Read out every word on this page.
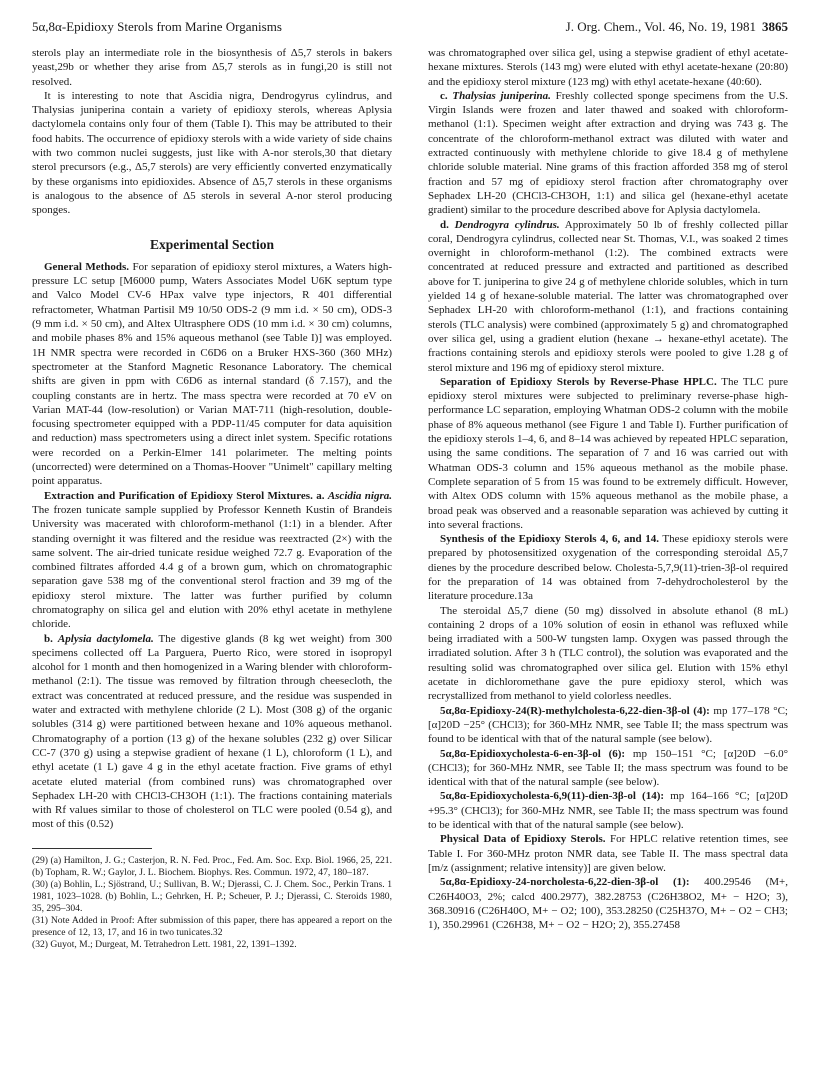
5α,8α-Epidioxy Sterols from Marine Organisms	J. Org. Chem., Vol. 46, No. 19, 1981 3865

sterols play an intermediate role in the biosynthesis of Δ5,7 sterols in bakers yeast,29b or whether they arise from Δ5,7 sterols as in fungi,20 is still not resolved.

It is interesting to note that Ascidia nigra, Dendrogyrus cylindrus, and Thalysias juniperina contain a variety of epidioxy sterols, whereas Aplysia dactylomela contains only four of them (Table I). This may be attributed to their food habits. The occurrence of epidioxy sterols with a wide variety of side chains with two common nuclei suggests, just like with A-nor sterols,30 that dietary sterol precursors (e.g., Δ5,7 sterols) are very efficiently converted enzymatically by these organisms into epidioxides. Absence of Δ5,7 sterols in these organisms is analogous to the absence of Δ5 sterols in several A-nor sterol producing sponges.

Experimental Section

General Methods. For separation of epidioxy sterol mixtures, a Waters high-pressure LC setup [M6000 pump, Waters Associates Model U6K septum type and Valco Model CV-6 HPax valve type injectors, R 401 differential refractometer, Whatman Partisil M9 10/50 ODS-2 (9 mm i.d. × 50 cm), ODS-3 (9 mm i.d. × 50 cm), and Altex Ultrasphere ODS (10 mm i.d. × 30 cm) columns, and mobile phases 8% and 15% aqueous methanol (see Table I)] was employed. 1H NMR spectra were recorded in C6D6 on a Bruker HXS-360 (360 MHz) spectrometer at the Stanford Magnetic Resonance Laboratory. The chemical shifts are given in ppm with C6D6 as internal standard (δ 7.157), and the coupling constants are in hertz. The mass spectra were recorded at 70 eV on Varian MAT-44 (low-resolution) or Varian MAT-711 (high-resolution, double-focusing spectrometer equipped with a PDP-11/45 computer for data aquisition and reduction) mass spectrometers using a direct inlet system. Specific rotations were recorded on a Perkin-Elmer 141 polarimeter. The melting points (uncorrected) were determined on a Thomas-Hoover "Unimelt" capillary melting point apparatus.

Extraction and Purification of Epidioxy Sterol Mixtures. a. Ascidia nigra. The frozen tunicate sample supplied by Professor Kenneth Kustin of Brandeis University was macerated with chloroform-methanol (1:1) in a blender. After standing overnight it was filtered and the residue was reextracted (2×) with the same solvent. The air-dried tunicate residue weighed 72.7 g. Evaporation of the combined filtrates afforded 4.4 g of a brown gum, which on chromatographic separation gave 538 mg of the conventional sterol fraction and 39 mg of the epidioxy sterol mixture. The latter was further purified by column chromatography on silica gel and elution with 20% ethyl acetate in methylene chloride.

b. Aplysia dactylomela. The digestive glands (8 kg wet weight) from 300 specimens collected off La Parguera, Puerto Rico, were stored in isopropyl alcohol for 1 month and then homogenized in a Waring blender with chloroform-methanol (2:1). The tissue was removed by filtration through cheesecloth, the extract was concentrated at reduced pressure, and the residue was suspended in water and extracted with methylene chloride (2 L). Most (308 g) of the organic solubles (314 g) were partitioned between hexane and 10% aqueous methanol. Chromatography of a portion (13 g) of the hexane solubles (232 g) over Silicar CC-7 (370 g) using a stepwise gradient of hexane (1 L), chloroform (1 L), and ethyl acetate (1 L) gave 4 g in the ethyl acetate fraction. Five grams of ethyl acetate eluted material (from combined runs) was chromatographed over Sephadex LH-20 with CHCl3-CH3OH (1:1). The fractions containing materials with Rf values similar to those of cholesterol on TLC were pooled (0.54 g), and most of this (0.52)

(29) (a) Hamilton, J. G.; Casterjon, R. N. Fed. Proc., Fed. Am. Soc. Exp. Biol. 1966, 25, 221. (b) Topham, R. W.; Gaylor, J. L. Biochem. Biophys. Res. Commun. 1972, 47, 180–187.

(30) (a) Bohlin, L.; Sjöstrand, U.; Sullivan, B. W.; Djerassi, C. J. Chem. Soc., Perkin Trans. 1 1981, 1023–1028. (b) Bohlin, L.; Gehrken, H. P.; Scheuer, P. J.; Djerassi, C. Steroids 1980, 35, 295–304.

(31) Note Added in Proof: After submission of this paper, there has appeared a report on the presence of 12, 13, 17, and 16 in two tunicates.32

(32) Guyot, M.; Durgeat, M. Tetrahedron Lett. 1981, 22, 1391–1392.

was chromatographed over silica gel, using a stepwise gradient of ethyl acetate-hexane mixtures. Sterols (143 mg) were eluted with ethyl acetate-hexane (20:80) and the epidioxy sterol mixture (123 mg) with ethyl acetate-hexane (40:60).

c. Thalysias juniperina. Freshly collected sponge specimens from the U.S. Virgin Islands were frozen and later thawed and soaked with chloroform-methanol (1:1). Specimen weight after extraction and drying was 743 g. The concentrate of the chloroform-methanol extract was diluted with water and extracted continuously with methylene chloride to give 18.4 g of methylene chloride soluble material. Nine grams of this fraction afforded 358 mg of sterol fraction and 57 mg of epidioxy sterol fraction after chromatography over Sephadex LH-20 (CHCl3-CH3OH, 1:1) and silica gel (hexane-ethyl acetate gradient) similar to the procedure described above for Aplysia dactylomela.

d. Dendrogyra cylindrus. Approximately 50 lb of freshly collected pillar coral, Dendrogyra cylindrus, collected near St. Thomas, V.I., was soaked 2 times overnight in chloroform-methanol (1:2). The combined extracts were concentrated at reduced pressure and extracted and partitioned as described above for T. juniperina to give 24 g of methylene chloride solubles, which in turn yielded 14 g of hexane-soluble material. The latter was chromatographed over Sephadex LH-20 with chloroform-methanol (1:1), and fractions containing sterols (TLC analysis) were combined (approximately 5 g) and chromatographed over silica gel, using a gradient elution (hexane → hexane-ethyl acetate). The fractions containing sterols and epidioxy sterols were pooled to give 1.28 g of sterol mixture and 196 mg of epidioxy sterol mixture.

Separation of Epidioxy Sterols by Reverse-Phase HPLC. The TLC pure epidioxy sterol mixtures were subjected to preliminary reverse-phase high-performance LC separation, employing Whatman ODS-2 column with the mobile phase of 8% aqueous methanol (see Figure 1 and Table I). Further purification of the epidioxy sterols 1–4, 6, and 8–14 was achieved by repeated HPLC separation, using the same conditions. The separation of 7 and 16 was carried out with Whatman ODS-3 column and 15% aqueous methanol as the mobile phase. Complete separation of 5 from 15 was found to be extremely difficult. However, with Altex ODS column with 15% aqueous methanol as the mobile phase, a broad peak was observed and a reasonable separation was achieved by cutting it into several fractions.

Synthesis of the Epidioxy Sterols 4, 6, and 14. These epidioxy sterols were prepared by photosensitized oxygenation of the corresponding steroidal Δ5,7 dienes by the procedure described below. Cholesta-5,7,9(11)-trien-3β-ol required for the preparation of 14 was obtained from 7-dehydrocholesterol by the literature procedure.13a

The steroidal Δ5,7 diene (50 mg) dissolved in absolute ethanol (8 mL) containing 2 drops of a 10% solution of eosin in ethanol was refluxed while being irradiated with a 500-W tungsten lamp. Oxygen was passed through the irradiated solution. After 3 h (TLC control), the solution was evaporated and the resulting solid was chromatographed over silica gel. Elution with 15% ethyl acetate in dichloromethane gave the pure epidioxy sterol, which was recrystallized from methanol to yield colorless needles.

5α,8α-Epidioxy-24(R)-methylcholesta-6,22-dien-3β-ol (4): mp 177–178 °C; [α]20D −25° (CHCl3); for 360-MHz NMR, see Table II; the mass spectrum was found to be identical with that of the natural sample (see below).

5α,8α-Epidioxycholesta-6-en-3β-ol (6): mp 150–151 °C; [α]20D −6.0° (CHCl3); for 360-MHz NMR, see Table II; the mass spectrum was found to be identical with that of the natural sample (see below).

5α,8α-Epidioxycholesta-6,9(11)-dien-3β-ol (14): mp 164–166 °C; [α]20D +95.3° (CHCl3); for 360-MHz NMR, see Table II; the mass spectrum was found to be identical with that of the natural sample (see below).

Physical Data of Epidioxy Sterols. For HPLC relative retention times, see Table I. For 360-MHz proton NMR data, see Table II. The mass spectral data [m/z (assignment; relative intensity)] are given below.

5α,8α-Epidioxy-24-norcholesta-6,22-dien-3β-ol (1): 400.29546 (M+, C26H40O3, 2%; calcd 400.2977), 382.28753 (C26H38O2, M+ − H2O; 3), 368.30916 (C26H40O, M+ − O2; 100), 353.28250 (C25H37O, M+ − O2 − CH3; 1), 350.29961 (C26H38, M+ − O2 − H2O; 2), 355.27458
